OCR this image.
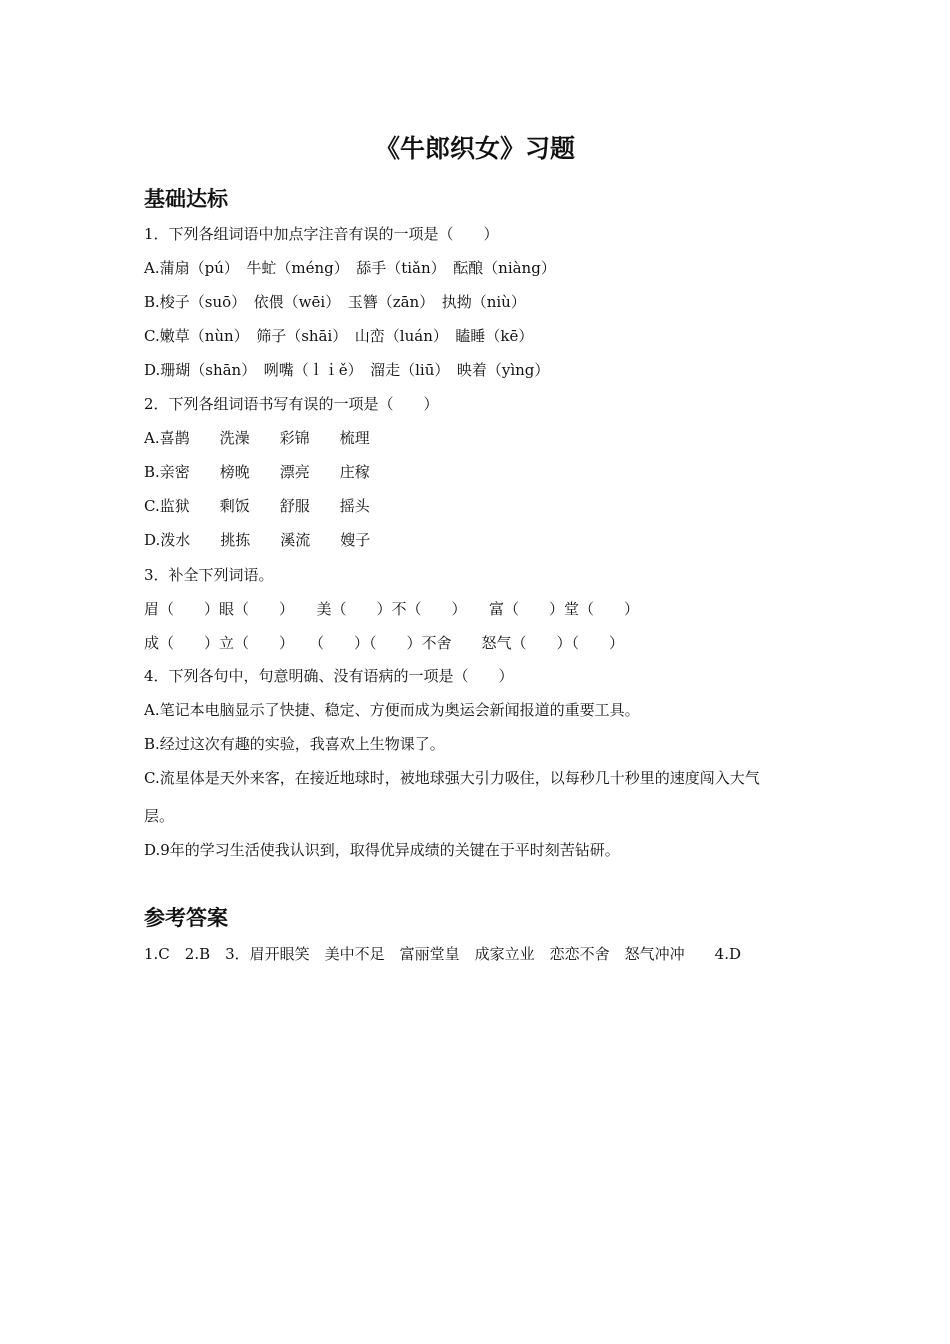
《牛郎织女》习题
基础达标
1．下列各组词语中加点字注音有误的一项是（　　）
A.蒲扇（pú）　牛虻（méng）　舔手（tiǎn）　酝酿（niàng）
B.梭子（suō）　依偎（wēi）　玉簪（zān）　执拗（niù）
C.嫩草（nùn）　筛子（shāi）　山峦（luán）　瞌睡（kē）
D.珊瑚（shān）　咧嘴（ｌｉě）　溜走（liū）　映着（yìng）
2．下列各组词语书写有误的一项是（　　）
A.喜鹊　　洗澡　　彩锦　　梳理
B.亲密　　榜晚　　漂亮　　庄稼
C.监狱　　剩饭　　舒服　　摇头
D.泼水　　挑拣　　溪流　　嫂子
3．补全下列词语。
眉（　　）眼（　　）　　美（　　）不（　　）　　富（　　）堂（　　）
成（　　）立（　　）　　（　　）（　　）不舍　　怒气（　　）（　　）
4．下列各句中，句意明确、没有语病的一项是（　　）
A.笔记本电脑显示了快捷、稳定、方便而成为奥运会新闻报道的重要工具。
B.经过这次有趣的实验，我喜欢上生物课了。
C.流星体是天外来客，在接近地球时，被地球强大引力吸住，以每秒几十秒里的速度闯入大气
层。
D.9年的学习生活使我认识到，取得优异成绩的关键在于平时刻苦钻研。
参考答案
1.C　2.B　3．眉开眼笑　美中不足　富丽堂皇　成家立业　恋恋不舍　怒气冲冲　　4.D
